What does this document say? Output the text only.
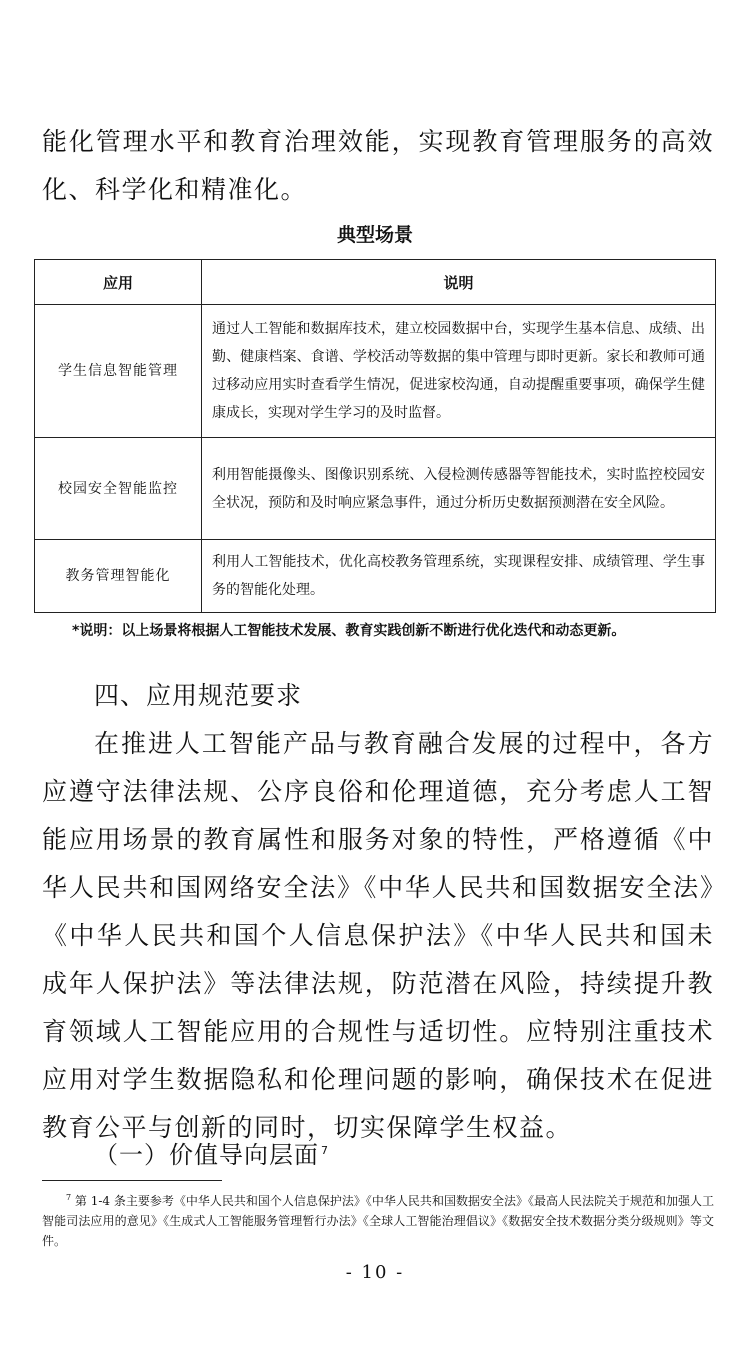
能化管理水平和教育治理效能，实现教育管理服务的高效化、科学化和精准化。

典型场景

应用	说明
学生信息智能管理	通过人工智能和数据库技术，建立校园数据中台，实现学生基本信息、成绩、出勤、健康档案、食谱、学校活动等数据的集中管理与即时更新。家长和教师可通过移动应用实时查看学生情况，促进家校沟通，自动提醒重要事项，确保学生健康成长，实现对学生学习的及时监督。
校园安全智能监控	利用智能摄像头、图像识别系统、入侵检测传感器等智能技术，实时监控校园安全状况，预防和及时响应紧急事件，通过分析历史数据预测潜在安全风险。
教务管理智能化	利用人工智能技术，优化高校教务管理系统，实现课程安排、成绩管理、学生事务的智能化处理。

*说明：以上场景将根据人工智能技术发展、教育实践创新不断进行优化迭代和动态更新。

四、应用规范要求

在推进人工智能产品与教育融合发展的过程中，各方应遵守法律法规、公序良俗和伦理道德，充分考虑人工智能应用场景的教育属性和服务对象的特性，严格遵循《中华人民共和国网络安全法》《中华人民共和国数据安全法》《中华人民共和国个人信息保护法》《中华人民共和国未成年人保护法》等法律法规，防范潜在风险，持续提升教育领域人工智能应用的合规性与适切性。应特别注重技术应用对学生数据隐私和伦理问题的影响，确保技术在促进教育公平与创新的同时，切实保障学生权益。

（一）价值导向层面 $^7$

$^7$ 第 1-4 条主要参考《中华人民共和国个人信息保护法》《中华人民共和国数据安全法》《最高人民法院关于规范和加强人工智能司法应用的意见》《生成式人工智能服务管理暂行办法》《全球人工智能治理倡议》《数据安全技术数据分类分级规则》等文件。

- 10 -
